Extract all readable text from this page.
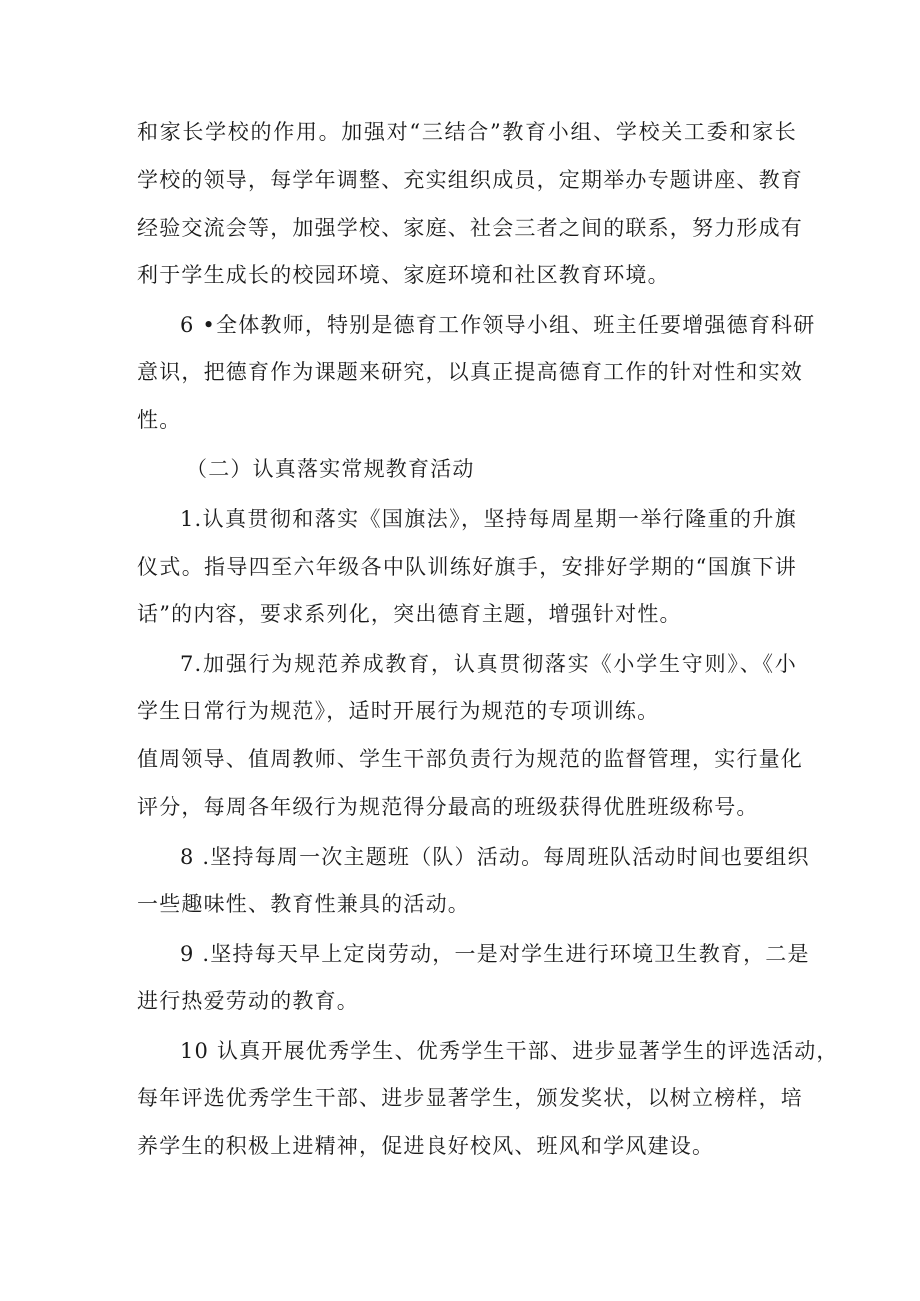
和家长学校的作用。加强对“三结合”教育小组、学校关工委和家长
学校的领导，每学年调整、充实组织成员，定期举办专题讲座、教育
经验交流会等，加强学校、家庭、社会三者之间的联系，努力形成有
利于学生成长的校园环境、家庭环境和社区教育环境。
6 •全体教师，特别是德育工作领导小组、班主任要增强德育科研
意识，把德育作为课题来研究，以真正提高德育工作的针对性和实效
性。
（二）认真落实常规教育活动
1.认真贯彻和落实《国旗法》，坚持每周星期一举行隆重的升旗
仪式。指导四至六年级各中队训练好旗手，安排好学期的“国旗下讲
话”的内容，要求系列化，突出德育主题，增强针对性。
7.加强行为规范养成教育，认真贯彻落实《小学生守则》、《小
学生日常行为规范》，适时开展行为规范的专项训练。
值周领导、值周教师、学生干部负责行为规范的监督管理，实行量化
评分，每周各年级行为规范得分最高的班级获得优胜班级称号。
8 .坚持每周一次主题班（队）活动。每周班队活动时间也要组织
一些趣味性、教育性兼具的活动。
9 .坚持每天早上定岗劳动，一是对学生进行环境卫生教育，二是
进行热爱劳动的教育。
10 认真开展优秀学生、优秀学生干部、进步显著学生的评选活动，
每年评选优秀学生干部、进步显著学生，颁发奖状，以树立榜样，培
养学生的积极上进精神，促进良好校风、班风和学风建设。
